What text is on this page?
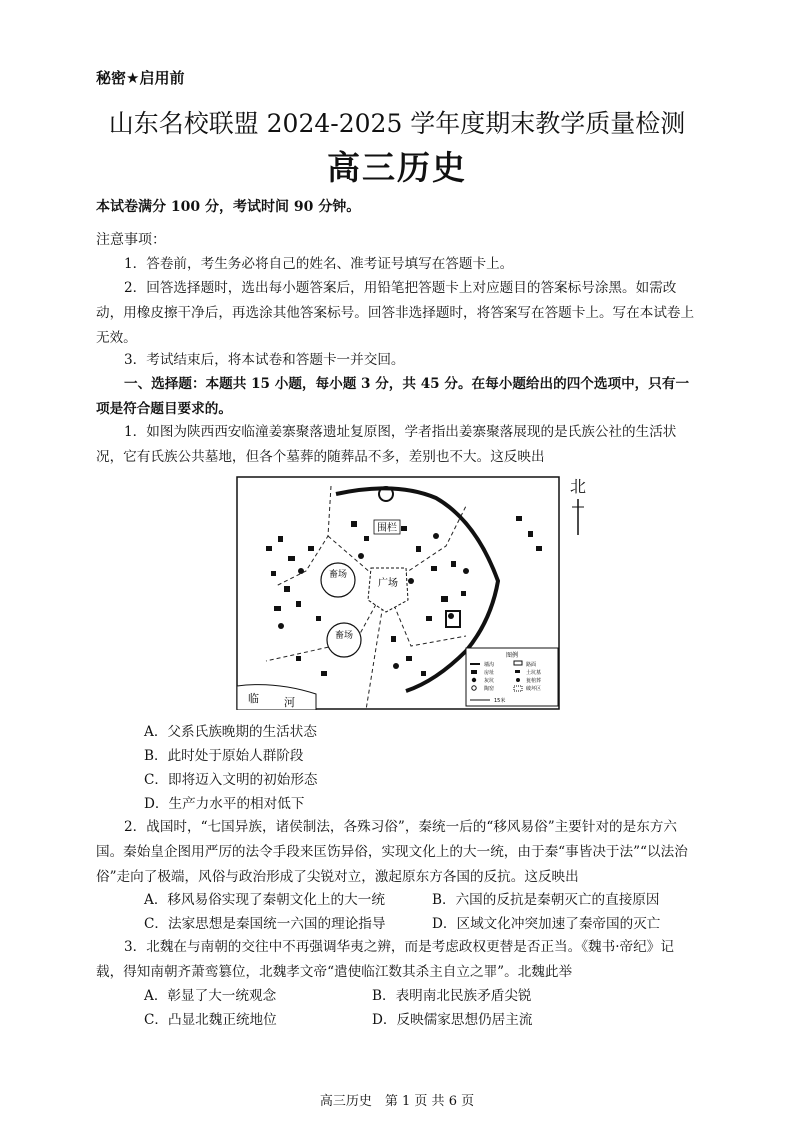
秘密★启用前
山东名校联盟 2024-2025 学年度期末教学质量检测
高三历史
本试卷满分 100 分，考试时间 90 分钟。
注意事项：
1．答卷前，考生务必将自己的姓名、准考证号填写在答题卡上。
2．回答选择题时，选出每小题答案后，用铅笔把答题卡上对应题目的答案标号涂黑。如需改动，用橡皮擦干净后，再选涂其他答案标号。回答非选择题时，将答案写在答题卡上。写在本试卷上无效。
3．考试结束后，将本试卷和答题卡一并交回。
一、选择题：本题共 15 小题，每小题 3 分，共 45 分。在每小题给出的四个选项中，只有一项是符合题目要求的。
1．如图为陕西西安临潼姜寨聚落遗址复原图，学者指出姜寨聚落展现的是氏族公社的生活状况，它有氏族公共墓地，但各个墓葬的随葬品不多，差别也不大。这反映出
围栏
广场
畜场
畜场
临 河
图例
墙沟
房址
灰坑
陶窑
路面
土坑墓
瓮棺葬
破坏区
15米
北
A．父系氏族晚期的生活状态
B．此时处于原始人群阶段
C．即将迈入文明的初始形态
D．生产力水平的相对低下
2．战国时，“七国异族，诸侯制法，各殊习俗”，秦统一后的“移风易俗”主要针对的是东方六国。秦始皇企图用严厉的法令手段来匡饬异俗，实现文化上的大一统，由于秦“事皆决于法”“以法治俗”走向了极端，风俗与政治形成了尖锐对立，激起原东方各国的反抗。这反映出
A．移风易俗实现了秦朝文化上的大一统	B．六国的反抗是秦朝灭亡的直接原因
C．法家思想是秦国统一六国的理论指导	D．区域文化冲突加速了秦帝国的灭亡
3．北魏在与南朝的交往中不再强调华夷之辨，而是考虑政权更替是否正当。《魏书·帝纪》记载，得知南朝齐萧鸾篡位，北魏孝文帝“遣使临江数其杀主自立之罪”。北魏此举
A．彰显了大一统观念	B．表明南北民族矛盾尖锐
C．凸显北魏正统地位	D．反映儒家思想仍居主流
高三历史　第 1 页 共 6 页
